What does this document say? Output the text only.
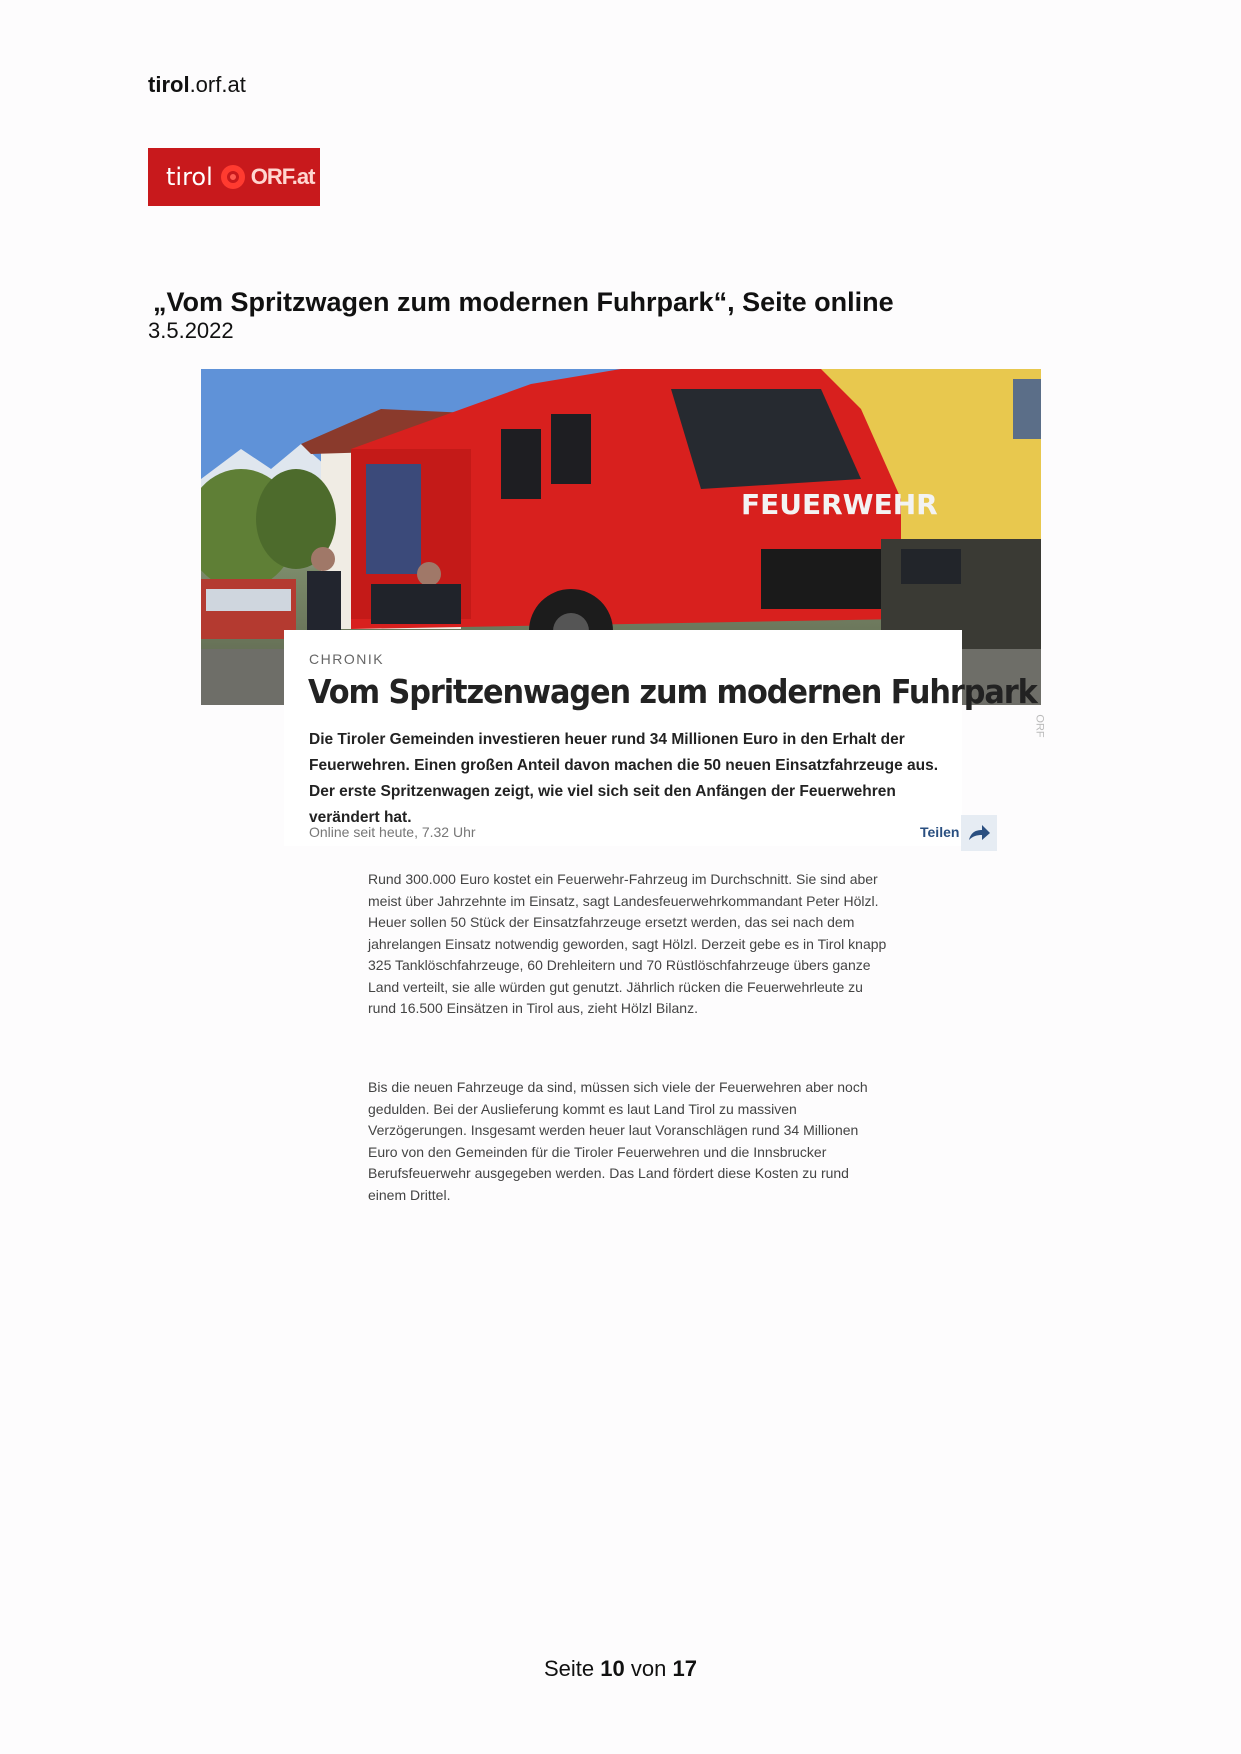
tirol.orf.at
tirol ORF.at
„Vom Spritzwagen zum modernen Fuhrpark“, Seite online
3.5.2022
FEUERWEHR
CHRONIK
Vom Spritzenwagen zum modernen Fuhrpark
Die Tiroler Gemeinden investieren heuer rund 34 Millionen Euro in den Erhalt der Feuerwehren. Einen großen Anteil davon machen die 50 neuen Einsatzfahrzeuge aus. Der erste Spritzenwagen zeigt, wie viel sich seit den Anfängen der Feuerwehren verändert hat.
Online seit heute, 7.32 Uhr	Teilen
ORF
Rund 300.000 Euro kostet ein Feuerwehr-Fahrzeug im Durchschnitt. Sie sind aber meist über Jahrzehnte im Einsatz, sagt Landesfeuerwehrkommandant Peter Hölzl. Heuer sollen 50 Stück der Einsatzfahrzeuge ersetzt werden, das sei nach dem jahrelangen Einsatz notwendig geworden, sagt Hölzl. Derzeit gebe es in Tirol knapp 325 Tanklöschfahrzeuge, 60 Drehleitern und 70 Rüstlöschfahrzeuge übers ganze Land verteilt, sie alle würden gut genutzt. Jährlich rücken die Feuerwehrleute zu rund 16.500 Einsätzen in Tirol aus, zieht Hölzl Bilanz.
Bis die neuen Fahrzeuge da sind, müssen sich viele der Feuerwehren aber noch gedulden. Bei der Auslieferung kommt es laut Land Tirol zu massiven Verzögerungen. Insgesamt werden heuer laut Voranschlägen rund 34 Millionen Euro von den Gemeinden für die Tiroler Feuerwehren und die Innsbrucker Berufsfeuerwehr ausgegeben werden. Das Land fördert diese Kosten zu rund einem Drittel.
Seite 10 von 17
